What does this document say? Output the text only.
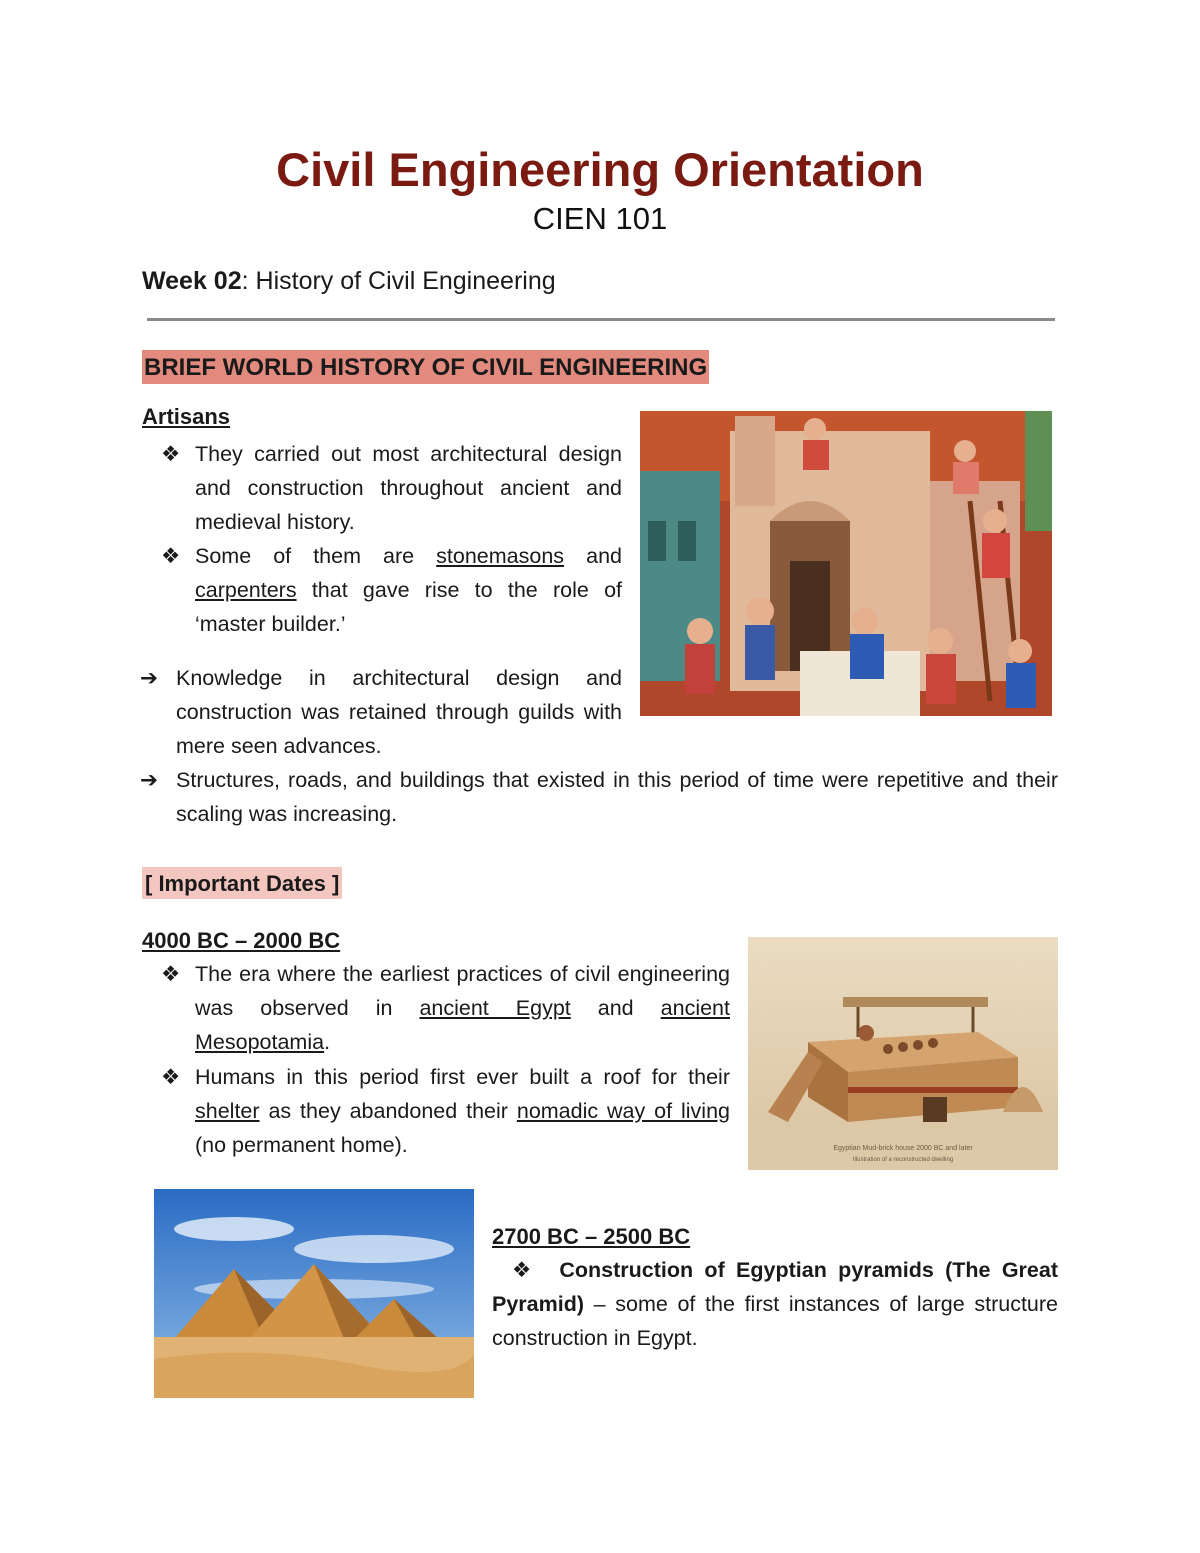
Civil Engineering Orientation
CIEN 101
Week 02: History of Civil Engineering
BRIEF WORLD HISTORY OF CIVIL ENGINEERING
Artisans
❖ They carried out most architectural design and construction throughout ancient and medieval history.
❖ Some of them are stonemasons and carpenters that gave rise to the role of ‘master builder.’
➔ Knowledge in architectural design and construction was retained through guilds with mere seen advances.
➔ Structures, roads, and buildings that existed in this period of time were repetitive and their scaling was increasing.
[ Important Dates ]
4000 BC – 2000 BC
❖ The era where the earliest practices of civil engineering was observed in ancient Egypt and ancient Mesopotamia.
❖ Humans in this period first ever built a roof for their shelter as they abandoned their nomadic way of living (no permanent home).	Egyptian Mud-brick house 2000 BC and later
Illustration of a reconstructed dwelling
2700 BC – 2500 BC
❖ Construction of Egyptian pyramids (The Great Pyramid) – some of the first instances of large structure construction in Egypt.
